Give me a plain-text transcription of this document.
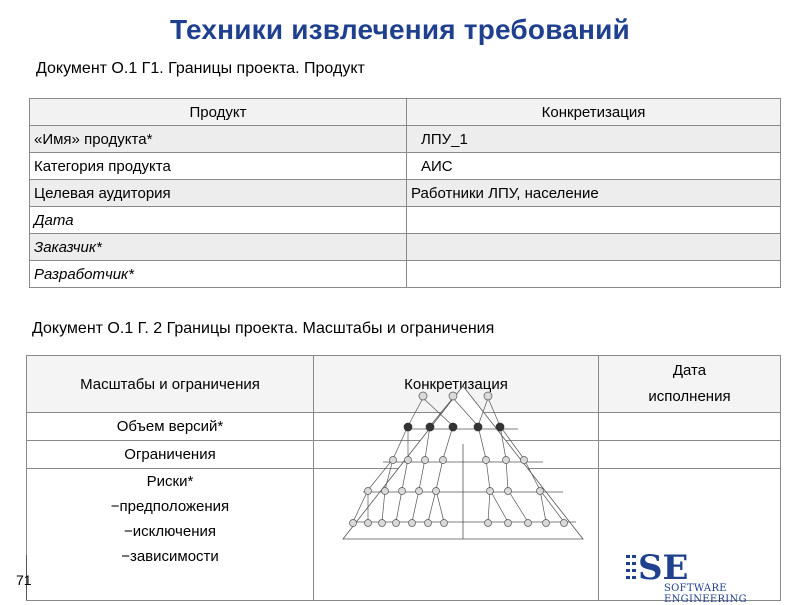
Техники извлечения требований
Документ О.1 Г1. Границы проекта. Продукт
Продукт	Конкретизация
«Имя» продукта*	ЛПУ_1
Категория продукта	АИС
Целевая аудитория	Работники ЛПУ, население
Дата	
Заказчик*	
Разработчик*	
Документ О.1 Г. 2 Границы проекта. Масштабы и ограничения
Масштабы и ограничения	Конкретизация	Дата
исполнения

Объем версий*		
Ограничения		

Риски*
−предположения
−исключения
−зависимости		

71	SE
SOFTWARE ENGINEERING
